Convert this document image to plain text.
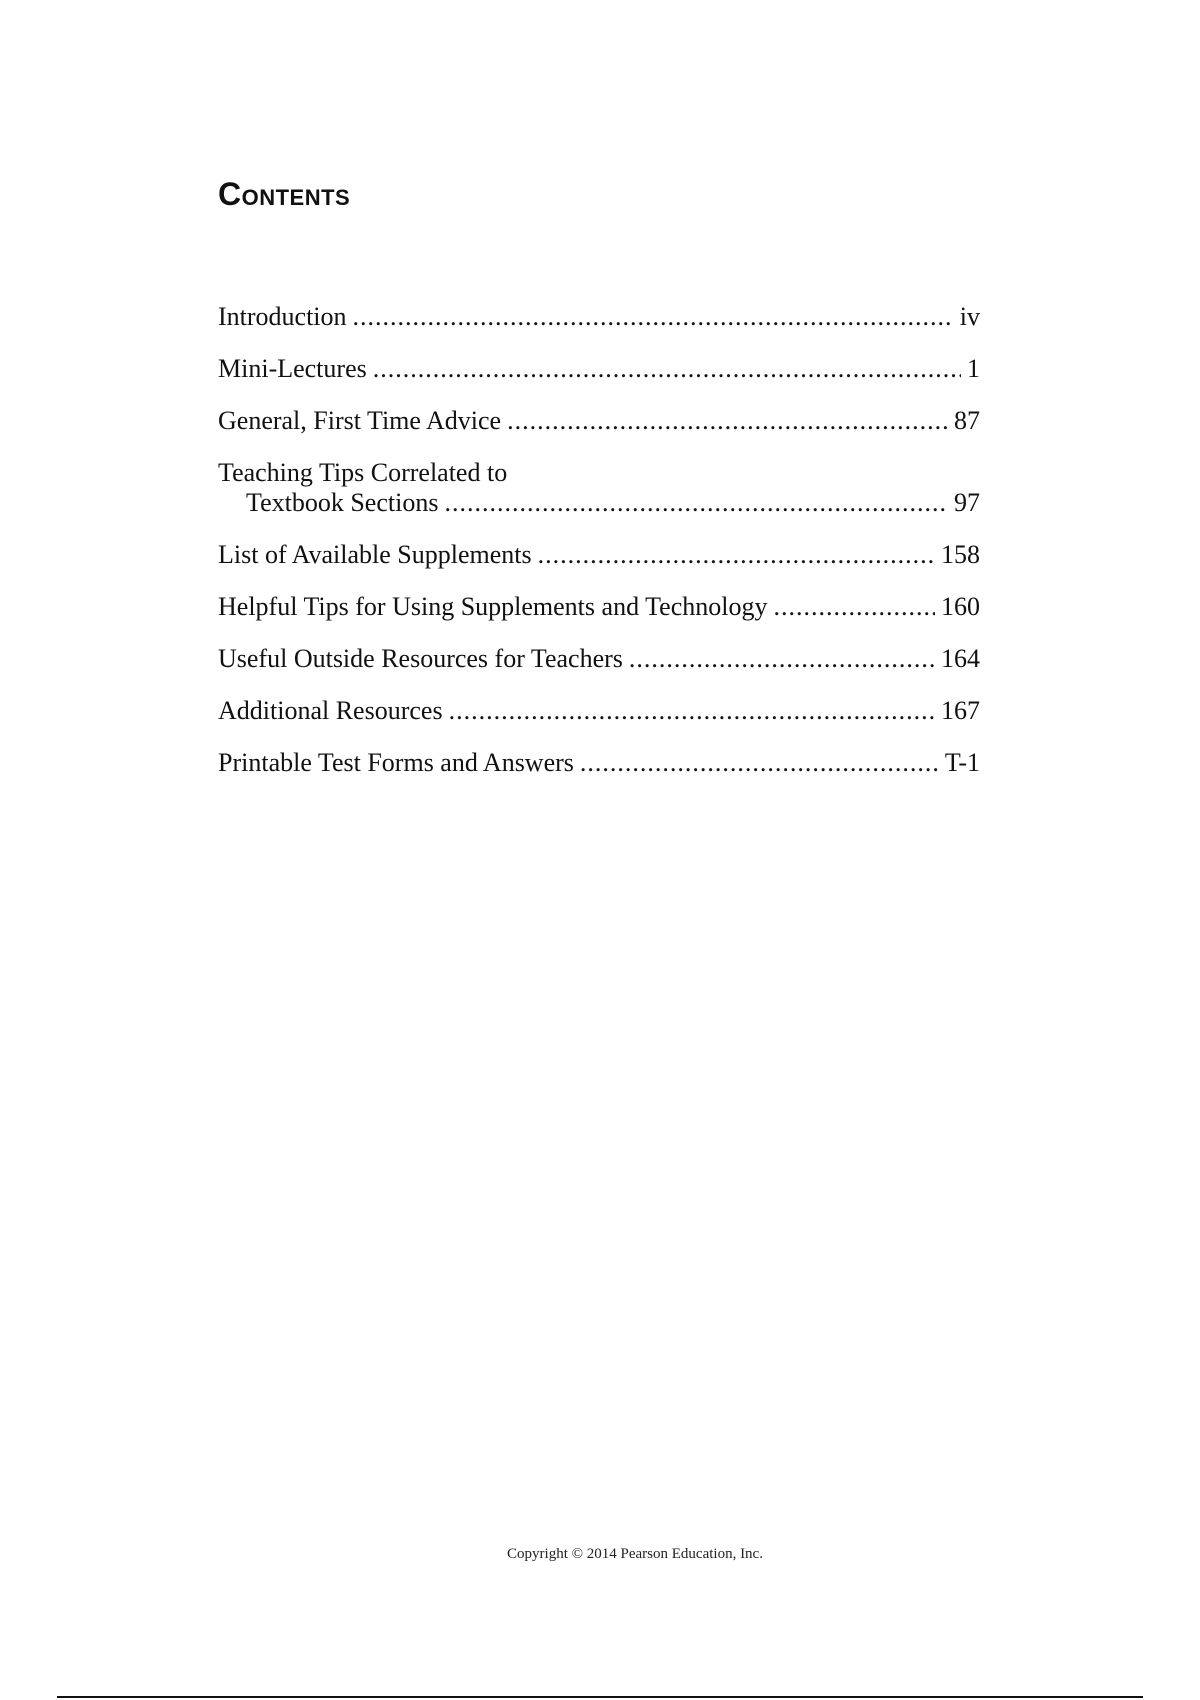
Contents
Introduction .....	iv
Mini-Lectures .....	1
General, First Time Advice .....	87
Teaching Tips Correlated to
Textbook Sections .....	97
List of Available Supplements .....	158
Helpful Tips for Using Supplements and Technology .....	160
Useful Outside Resources for Teachers .....	164
Additional Resources .....	167
Printable Test Forms and Answers .....	T-1
Copyright © 2014 Pearson Education, Inc.
